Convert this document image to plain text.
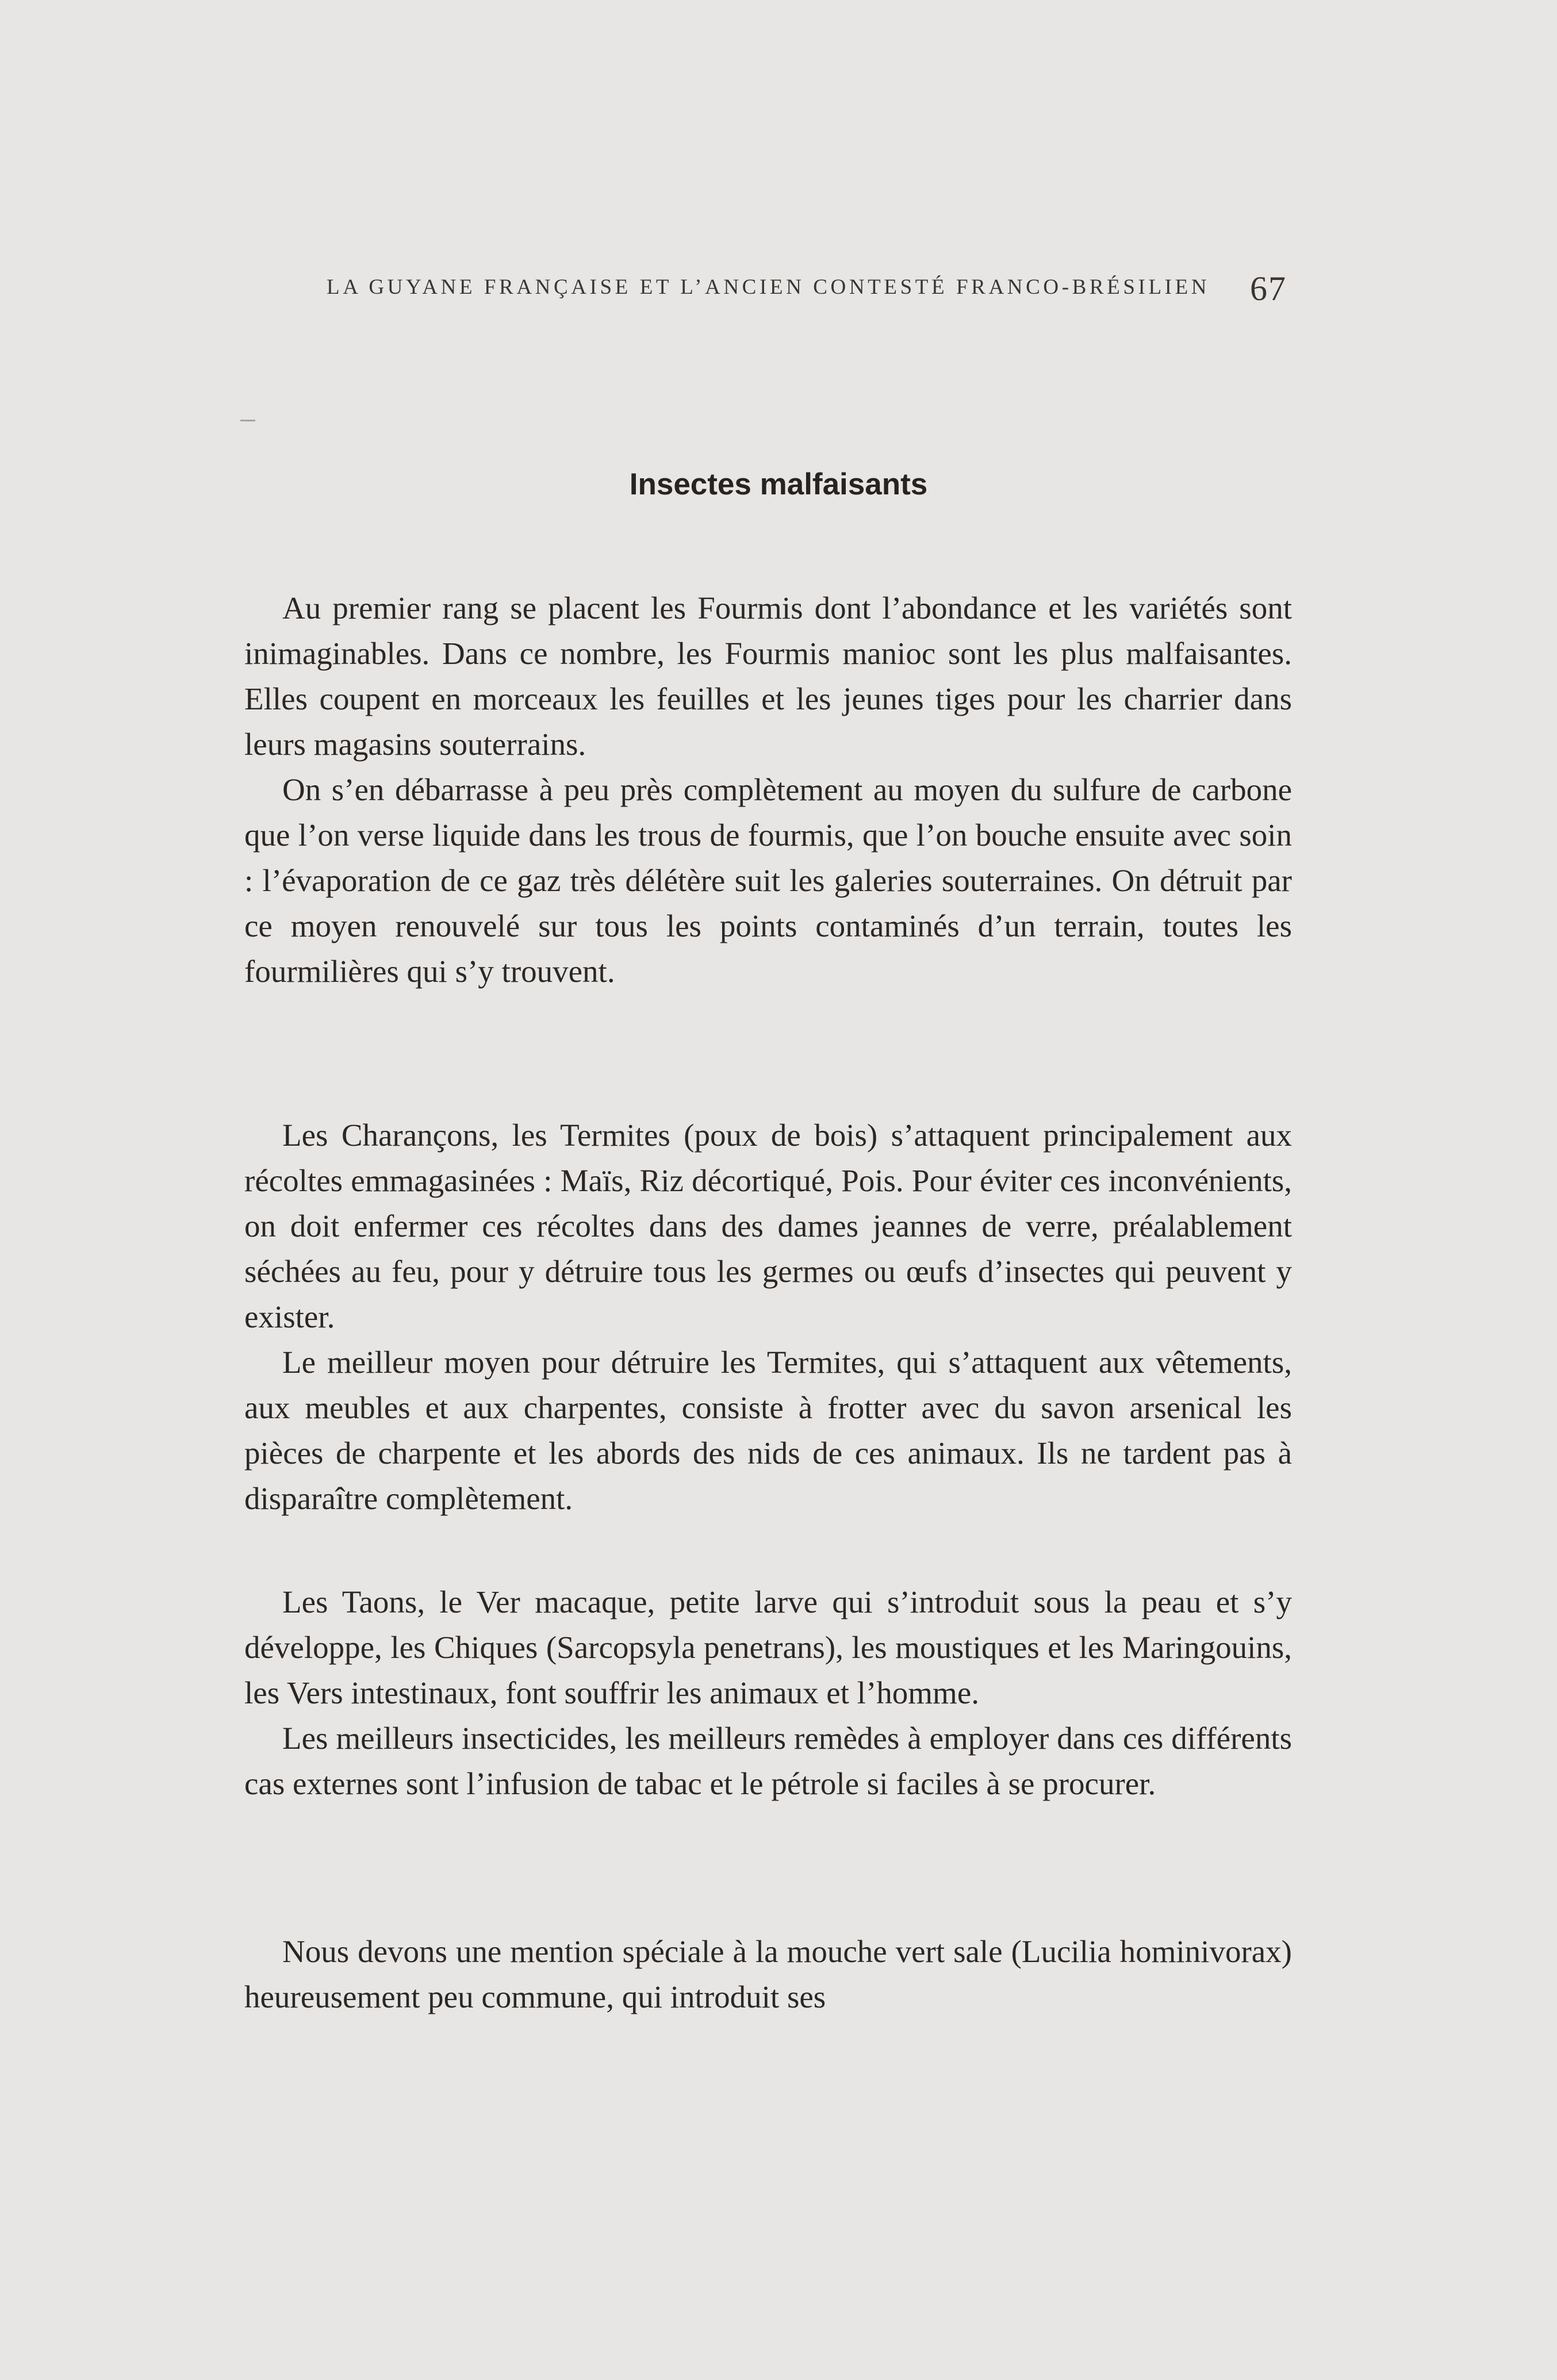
LA GUYANE FRANÇAISE ET L’ANCIEN CONTESTÉ FRANCO-BRÉSILIEN 67
Insectes malfaisants

Au premier rang se placent les Fourmis dont l’abondance et les variétés sont inimaginables. Dans ce nombre, les Fourmis manioc sont les plus malfaisantes. Elles coupent en morceaux les feuilles et les jeunes tiges pour les charrier dans leurs magasins souterrains.

On s’en débarrasse à peu près complètement au moyen du sulfure de carbone que l’on verse liquide dans les trous de fourmis, que l’on bouche ensuite avec soin : l’évaporation de ce gaz très délétère suit les galeries souterraines. On détruit par ce moyen renouvelé sur tous les points contaminés d’un terrain, toutes les fourmilières qui s’y trouvent.

Les Charançons, les Termites (poux de bois) s’attaquent principalement aux récoltes emmagasinées : Maïs, Riz décortiqué, Pois. Pour éviter ces inconvénients, on doit enfermer ces récoltes dans des dames jeannes de verre, préalablement séchées au feu, pour y détruire tous les germes ou œufs d’insectes qui peuvent y exister.

Le meilleur moyen pour détruire les Termites, qui s’attaquent aux vêtements, aux meubles et aux charpentes, consiste à frotter avec du savon arsenical les pièces de charpente et les abords des nids de ces animaux. Ils ne tardent pas à disparaître complètement.

Les Taons, le Ver macaque, petite larve qui s’introduit sous la peau et s’y développe, les Chiques (Sarcopsyla penetrans), les moustiques et les Maringouins, les Vers intestinaux, font souffrir les animaux et l’homme.

Les meilleurs insecticides, les meilleurs remèdes à employer dans ces différents cas externes sont l’infusion de tabac et le pétrole si faciles à se procurer.

Nous devons une mention spéciale à la mouche vert sale (Lucilia hominivorax) heureusement peu commune, qui introduit ses
